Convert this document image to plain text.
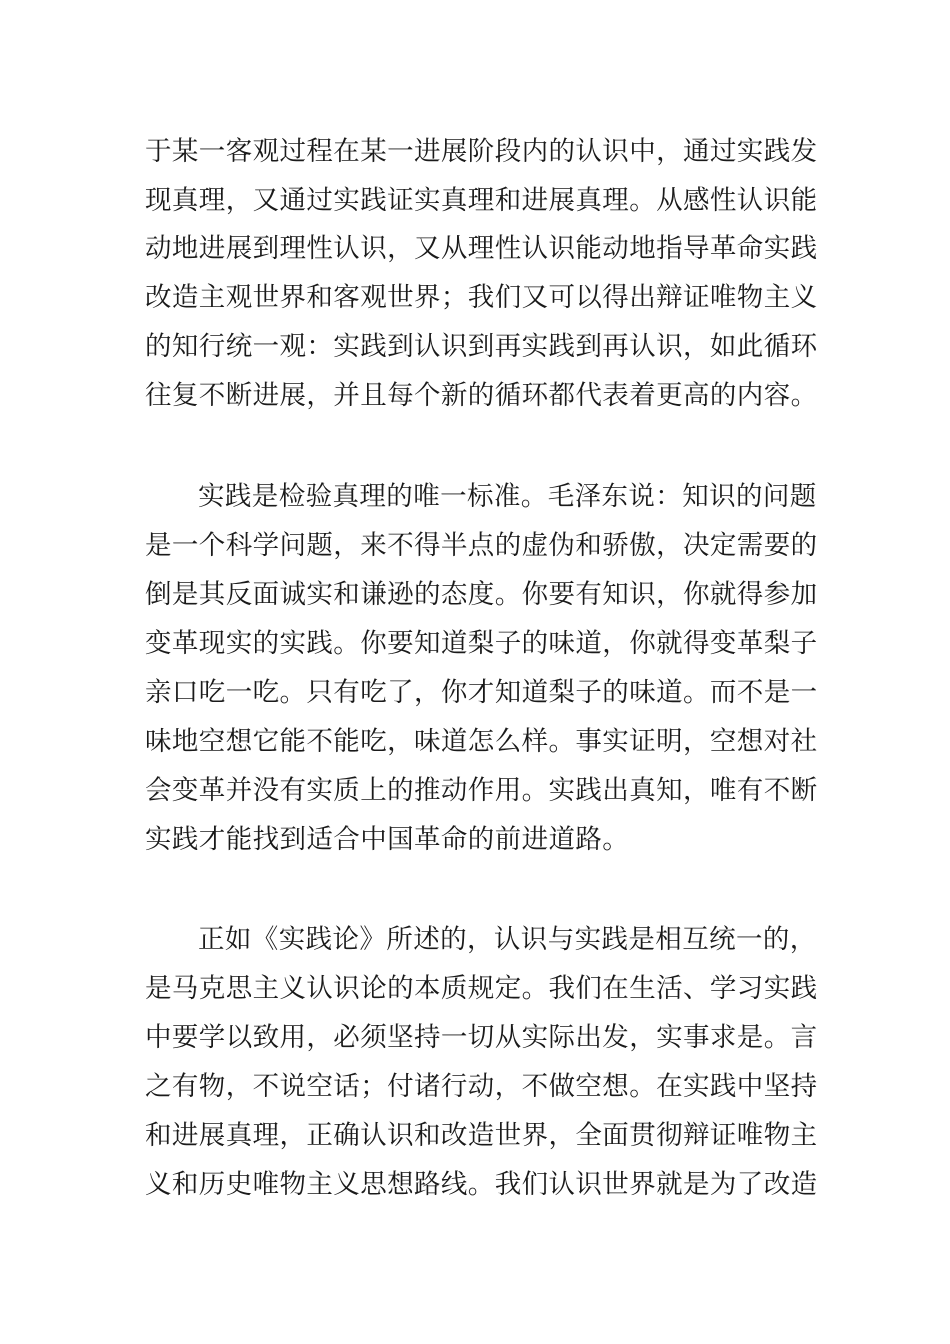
于某一客观过程在某一进展阶段内的认识中，通过实践发
现真理，又通过实践证实真理和进展真理。从感性认识能
动地进展到理性认识，又从理性认识能动地指导革命实践
改造主观世界和客观世界；我们又可以得出辩证唯物主义
的知行统一观：实践到认识到再实践到再认识，如此循环
往复不断进展，并且每个新的循环都代表着更高的内容。
实践是检验真理的唯一标准。毛泽东说：知识的问题
是一个科学问题，来不得半点的虚伪和骄傲，决定需要的
倒是其反面诚实和谦逊的态度。你要有知识，你就得参加
变革现实的实践。你要知道梨子的味道，你就得变革梨子
亲口吃一吃。只有吃了，你才知道梨子的味道。而不是一
味地空想它能不能吃，味道怎么样。事实证明，空想对社
会变革并没有实质上的推动作用。实践出真知，唯有不断
实践才能找到适合中国革命的前进道路。
正如《实践论》所述的，认识与实践是相互统一的，
是马克思主义认识论的本质规定。我们在生活、学习实践
中要学以致用，必须坚持一切从实际出发，实事求是。言
之有物，不说空话；付诸行动，不做空想。在实践中坚持
和进展真理，正确认识和改造世界，全面贯彻辩证唯物主
义和历史唯物主义思想路线。我们认识世界就是为了改造
